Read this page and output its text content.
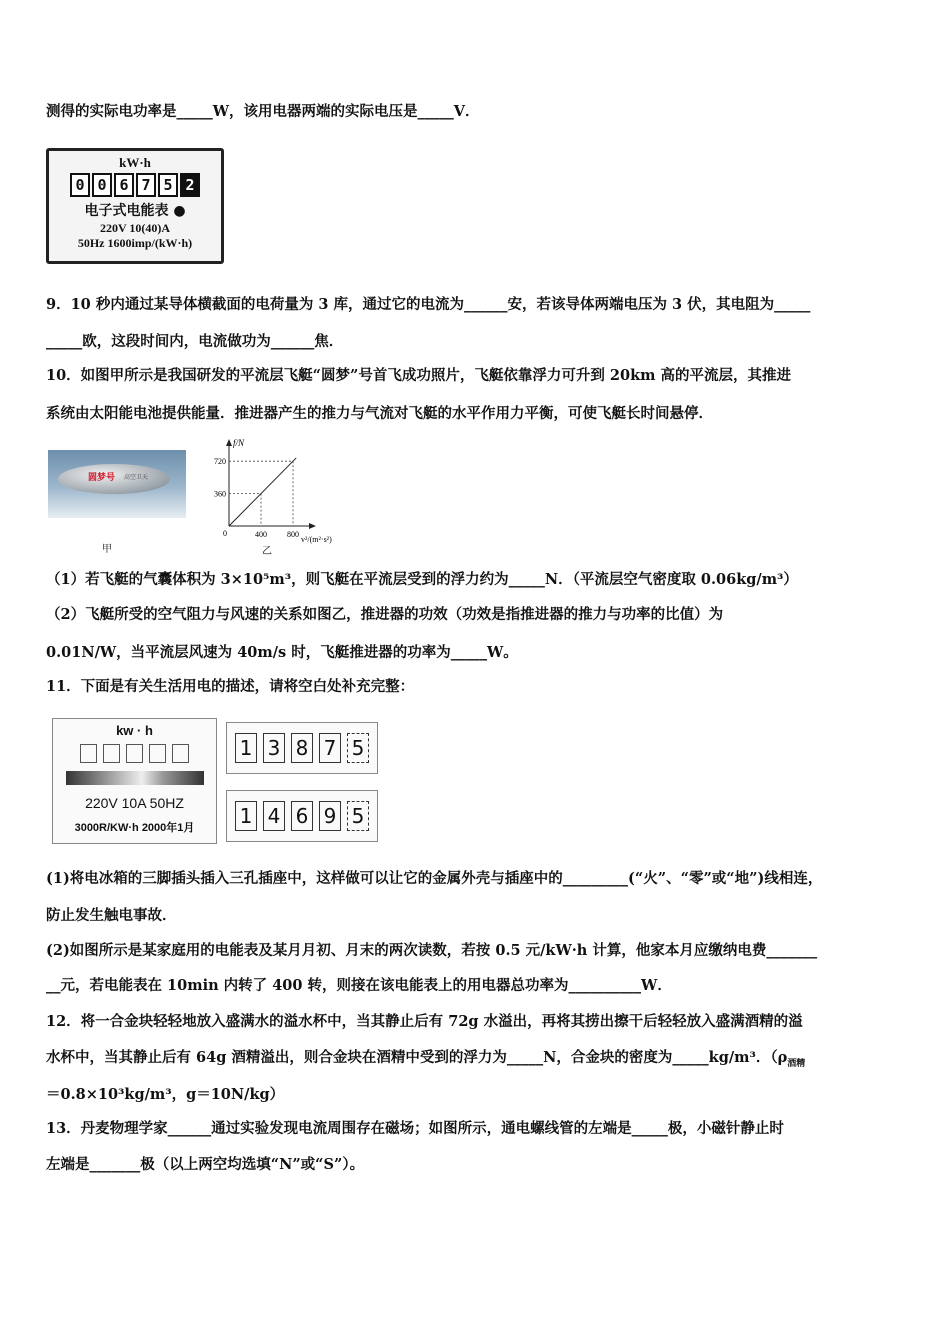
测得的实际电功率是_____W，该用电器两端的实际电压是_____V．
kW·h
0 0 6 7 5 2
电子式电能表 ●
220V 10(40)A
50Hz 1600imp/(kW·h)
9．10 秒内通过某导体横截面的电荷量为 3 库，通过它的电流为______安，若该导体两端电压为 3 伏，其电阻为_____
_____欧，这段时间内，电流做功为______焦．
10．如图甲所示是我国研发的平流层飞艇“圆梦”号首飞成功照片，飞艇依靠浮力可升到 20km 高的平流层，其推进
系统由太阳能电池提供能量．推进器产生的推力与气流对飞艇的水平作用力平衡，可使飞艇长时间悬停．
圆梦号 高空卫天
甲
f/N
v²/(m²·s²)
0
360
720
400	800
乙
（1）若飞艇的气囊体积为 3×10⁵m³，则飞艇在平流层受到的浮力约为_____N．（平流层空气密度取 0.06kg/m³）
（2）飞艇所受的空气阻力与风速的关系如图乙，推进器的功效（功效是指推进器的推力与功率的比值）为
0.01N/W，当平流层风速为 40m/s 时，飞艇推进器的功率为_____W。
11．下面是有关生活用电的描述，请将空白处补充完整：
kw · h
220V 10A 50HZ
3000R/KW·h 2000年1月
1 3 8 7 5
1 4 6 9 5
(1)将电冰箱的三脚插头插入三孔插座中，这样做可以让它的金属外壳与插座中的_________(“火”、“零”或“地”)线相连，
防止发生触电事故．
(2)如图所示是某家庭用的电能表及某月月初、月末的两次读数，若按 0.5 元/kW·h 计算，他家本月应缴纳电费_______
__元，若电能表在 10min 内转了 400 转，则接在该电能表上的用电器总功率为__________W．
12．将一合金块轻轻地放入盛满水的溢水杯中，当其静止后有 72g 水溢出，再将其捞出擦干后轻轻放入盛满酒精的溢
水杯中，当其静止后有 64g 酒精溢出，则合金块在酒精中受到的浮力为_____N，合金块的密度为_____kg/m³．（$\rho_{酒精}$
＝0.8×10³kg/m³，g＝10N/kg）
13．丹麦物理学家______通过实验发现电流周围存在磁场；如图所示，通电螺线管的左端是_____极，小磁针静止时
左端是_______极（以上两空均选填“N”或“S”）。
